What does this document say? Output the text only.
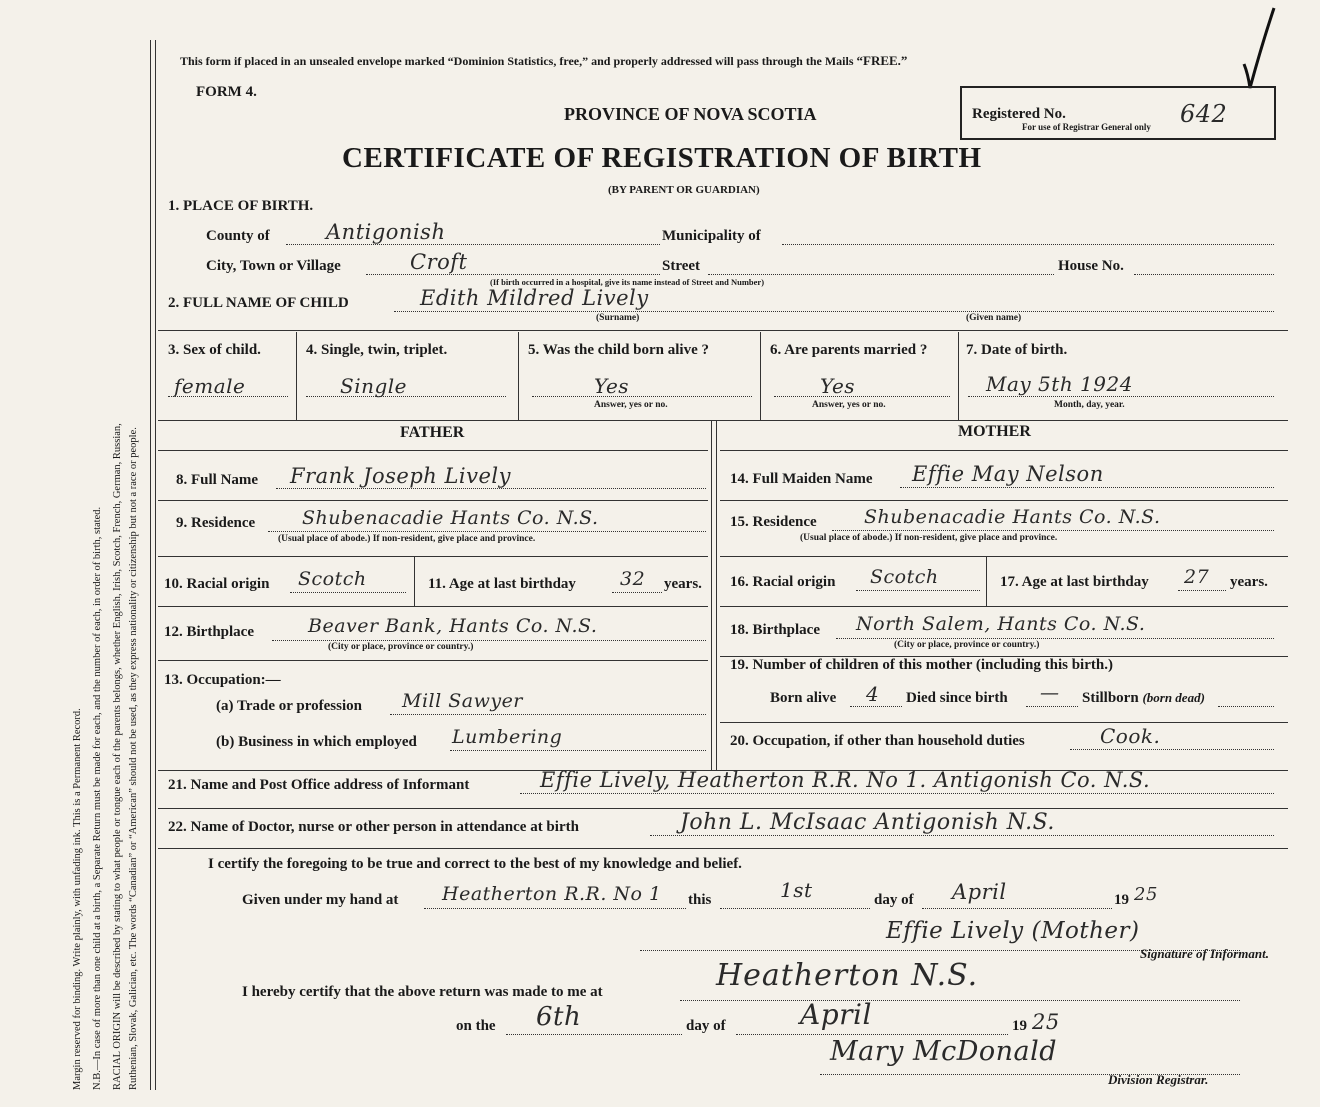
Margin reserved for binding. Write plainly, with unfading ink. This is a Permanent Record. N.B.—In case of more than one child at a birth, a Separate Return must be made for each, and the number of each, in order of birth, stated. RACIAL ORIGIN will be described by stating to what people or tongue each of the parents belongs, whether English, Irish, Scotch, French, German, Russian, Ruthenian, Slovak, Galician, etc. The words “Canadian” or “American” should not be used, as they express nationality or citizenship but not a race or people.
This form if placed in an unsealed envelope marked “Dominion Statistics, free,” and properly addressed will pass through the Mails “FREE.”
FORM 4.
PROVINCE OF NOVA SCOTIA
CERTIFICATE OF REGISTRATION OF BIRTH
(BY PARENT OR GUARDIAN)
Registered No.
For use of Registrar General only 642
1. PLACE OF BIRTH.
County of	Antigonish	Municipality of
City, Town or Village	Croft
(If birth occurred in a hospital, give its name instead of Street and Number)
Street	House No.
2. FULL NAME OF CHILD	Edith Mildred Lively
(Surname)	(Given name)
3. Sex of child.
female
4. Single, twin, triplet.
Single
5. Was the child born alive ?
Yes
Answer, yes or no.
6. Are parents married ?
Yes
Answer, yes or no.
7. Date of birth.
May 5th 1924
Month, day, year.
FATHER	MOTHER
8. Full Name Frank Joseph Lively
9. Residence Shubenacadie Hants Co. N.S.
(Usual place of abode.) If non-resident, give place and province.
10. Racial origin Scotch	11. Age at last birthday 32 years.
12. Birthplace	Beaver Bank, Hants Co. N.S.
(City or place, province or country.)
13. Occupation:—
(a) Trade or profession Mill Sawyer
(b) Business in which employed Lumbering
14. Full Maiden Name Effie May Nelson
15. Residence Shubenacadie Hants Co. N.S.
(Usual place of abode.) If non-resident, give place and province.
16. Racial origin Scotch	17. Age at last birthday 27 years.
18. Birthplace North Salem, Hants Co. N.S.
(City or place, province or country.)
19. Number of children of this mother (including this birth.)
Born alive 4 Died since birth — Stillborn (born dead)
20. Occupation, if other than household duties	Cook.
21. Name and Post Office address of Informant	Effie Lively, Heatherton R.R. No 1. Antigonish Co. N.S.
22. Name of Doctor, nurse or other person in attendance at birth	John L. McIsaac Antigonish N.S.
I certify the foregoing to be true and correct to the best of my knowledge and belief.
Given under my hand at Heatherton R.R. No 1 this	1st	day of April	19 25
Effie Lively (Mother)
Signature of Informant.
I hereby certify that the above return was made to me at	Heatherton N.S.
on the 6th	day of	April	19 25
Mary McDonald
Division Registrar.
